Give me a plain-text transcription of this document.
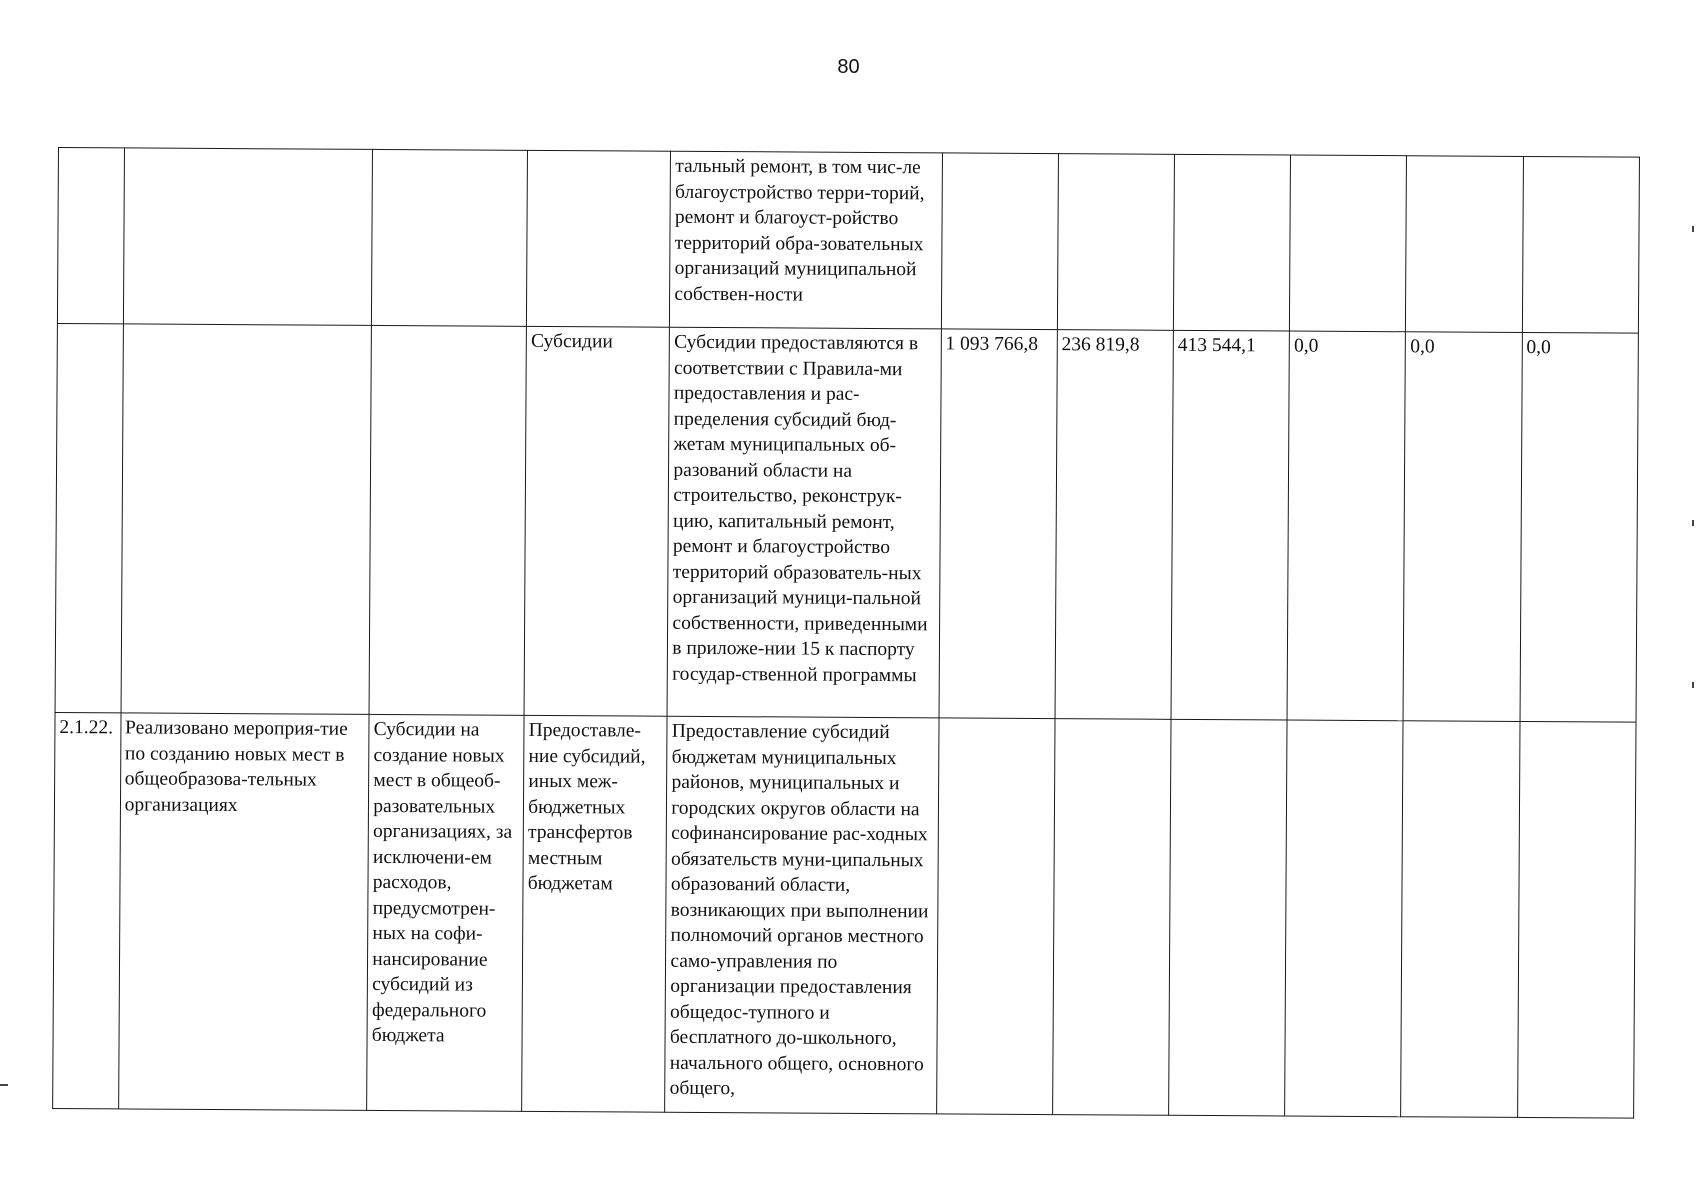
80
				тальный ремонт, в том чис-ле благоустройство терри-торий, ремонт и благоуст-ройство территорий обра-зовательных организаций муниципальной собствен-ности						
			Субсидии	Субсидии предоставляются в соответствии с Правила-ми предоставления и рас-пределения субсидий бюд-жетам муниципальных об-разований области на строительство, реконструк-цию, капитальный ремонт, ремонт и благоустройство территорий образователь-ных организаций муници-пальной собственности, приведенными в приложе-нии 15 к паспорту государ-ственной программы	1 093 766,8	236 819,8	413 544,1	0,0	0,0	0,0
2.1.22.	Реализовано мероприя-тие по созданию новых мест в общеобразова-тельных организациях	Субсидии на создание новых мест в общеоб-разовательных организациях, за исключени-ем расходов, предусмотрен-ных на софи-нансирование субсидий из федерального бюджета	Предоставле-ние субсидий, иных меж-бюджетных трансфертов местным бюджетам	Предоставление субсидий бюджетам муниципальных районов, муниципальных и городских округов области на софинансирование рас-ходных обязательств муни-ципальных образований области, возникающих при выполнении полномочий органов местного само-управления по организации предоставления общедос-тупного и бесплатного до-школьного, начального общего, основного общего,						
